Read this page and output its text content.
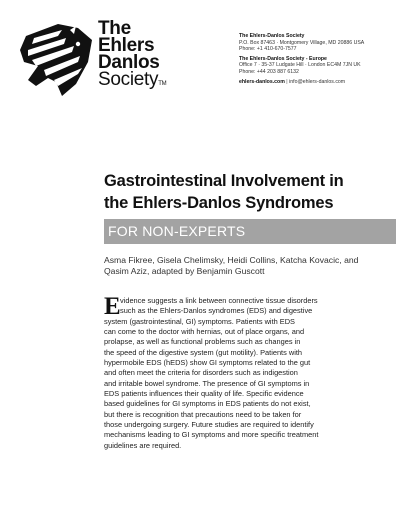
The
Ehlers
Danlos
SocietyTM
The Ehlers-Danlos Society
P.O. Box 87463 · Montgomery Village, MD 20886 USA
Phone: +1 410-670-7577
The Ehlers-Danlos Society - Europe
Office 7 · 35-37 Ludgate Hill · London EC4M 7JN UK
Phone: +44 203 887 6132
ehlers-danlos.com | info@ehlers-danlos.com
Gastrointestinal Involvement in
the Ehlers-Danlos Syndromes
FOR NON-EXPERTS
Asma Fikree, Gisela Chelimsky, Heidi Collins, Katcha Kovacic, and
Qasim Aziz, adapted by Benjamin Guscott
E vidence suggests a link between connective tissue disorders
such as the Ehlers-Danlos syndromes (EDS) and digestive
system (gastrointestinal, GI) symptoms. Patients with EDS
can come to the doctor with hernias, out of place organs, and
prolapse, as well as functional problems such as changes in
the speed of the digestive system (gut motility). Patients with
hypermobile EDS (hEDS) show GI symptoms related to the gut
and often meet the criteria for disorders such as indigestion
and irritable bowel syndrome. The presence of GI symptoms in
EDS patients influences their quality of life. Specific evidence
based guidelines for GI symptoms in EDS patients do not exist,
but there is recognition that precautions need to be taken for
those undergoing surgery. Future studies are required to identify
mechanisms leading to GI symptoms and more specific treatment
guidelines are required.
